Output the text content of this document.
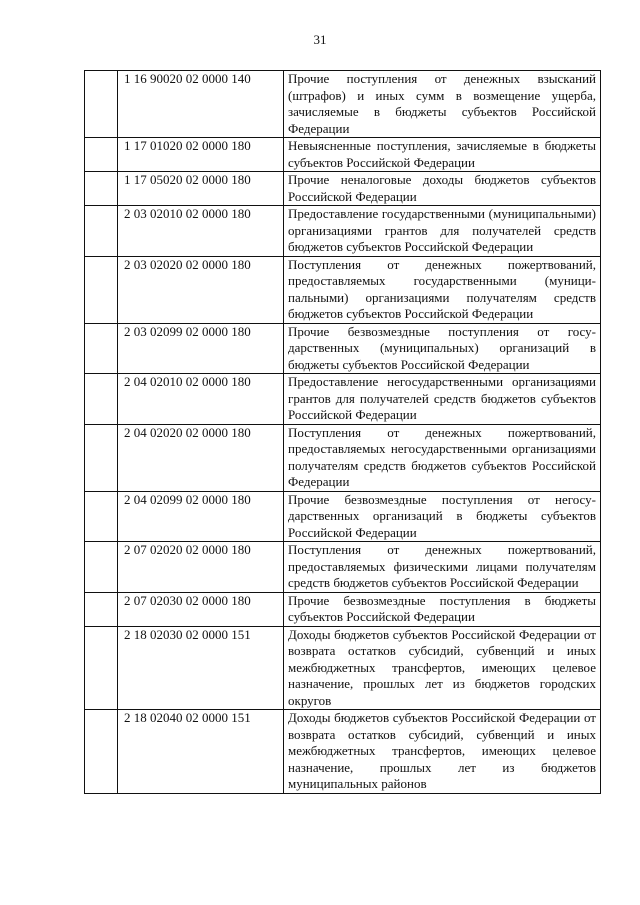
31
	1 16 90020 02 0000 140	Прочие поступления от денежных взысканий (штрафов) и иных сумм в возмещение ущерба, зачисляемые в бюджеты субъектов Российской Федерации
	1 17 01020 02 0000 180	Невыясненные поступления, зачисляемые в бюджеты субъектов Российской Федерации
	1 17 05020 02 0000 180	Прочие неналоговые доходы бюджетов субъектов Российской Федерации
	2 03 02010 02 0000 180	Предоставление государственными (муниципальными) организациями грантов для получателей средств бюджетов субъектов Российской Федерации
	2 03 02020 02 0000 180	Поступления от денежных пожертвований, предоставляемых государственными (муниципальными) организациями получателям средств бюджетов субъектов Российской Федерации
	2 03 02099 02 0000 180	Прочие безвозмездные поступления от государственных (муниципальных) организаций в бюджеты субъектов Российской Федерации
	2 04 02010 02 0000 180	Предоставление негосударственными организациями грантов для получателей средств бюджетов субъектов Российской Федерации
	2 04 02020 02 0000 180	Поступления от денежных пожертвований, предоставляемых негосударственными организациями получателям средств бюджетов субъектов Российской Федерации
	2 04 02099 02 0000 180	Прочие безвозмездные поступления от негосударственных организаций в бюджеты субъектов Российской Федерации
	2 07 02020 02 0000 180	Поступления от денежных пожертвований, предоставляемых физическими лицами получателям средств бюджетов субъектов Российской Федерации
	2 07 02030 02 0000 180	Прочие безвозмездные поступления в бюджеты субъектов Российской Федерации
	2 18 02030 02 0000 151	Доходы бюджетов субъектов Российской Федерации от возврата остатков субсидий, субвенций и иных межбюджетных трансфертов, имеющих целевое назначение, прошлых лет из бюджетов городских округов
	2 18 02040 02 0000 151	Доходы бюджетов субъектов Российской Федерации от возврата остатков субсидий, субвенций и иных межбюджетных трансфертов, имеющих целевое назначение, прошлых лет из бюджетов муниципальных районов
